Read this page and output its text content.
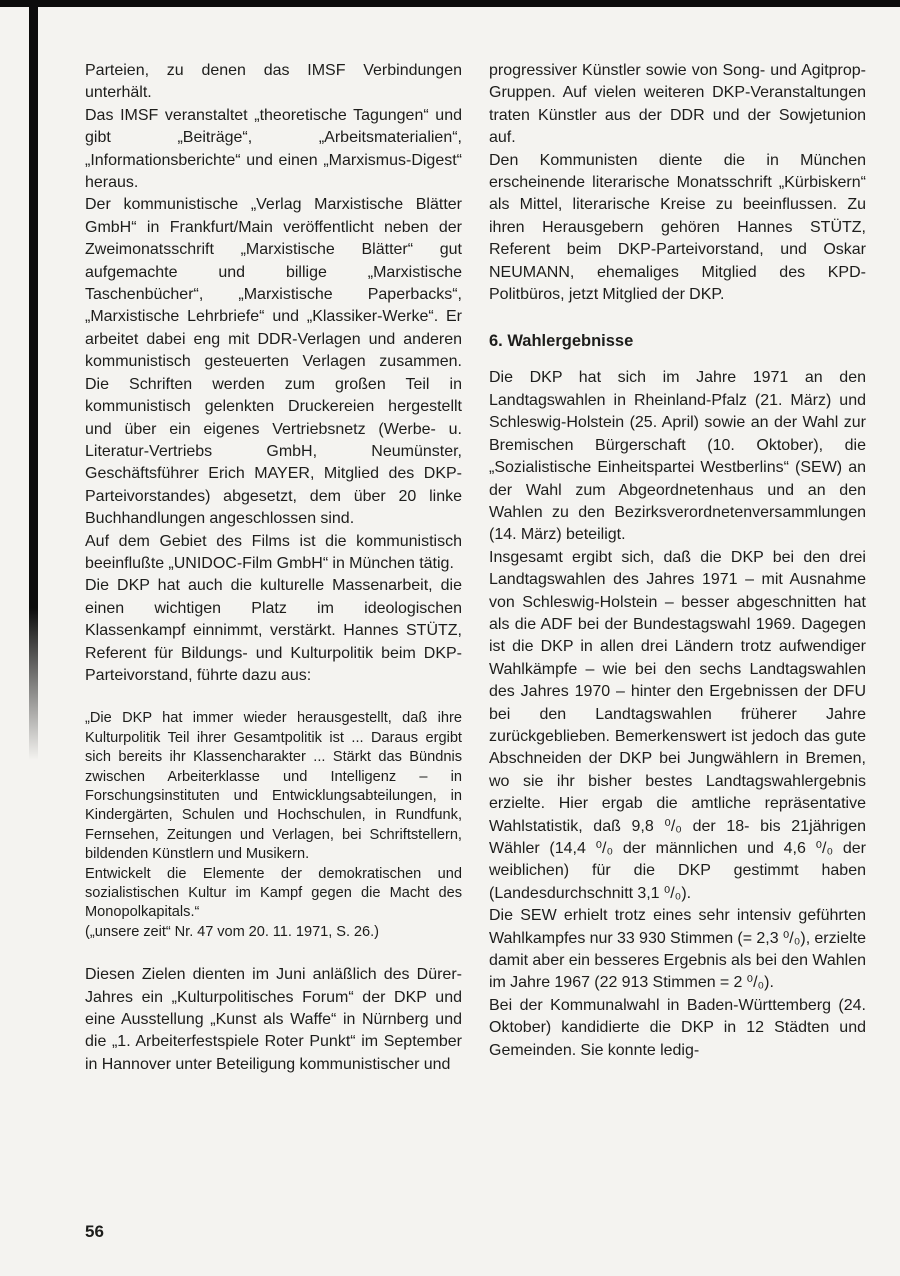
Parteien, zu denen das IMSF Verbindungen unterhält.

Das IMSF veranstaltet „theoretische Tagungen“ und gibt „Beiträge“, „Arbeitsmaterialien“, „Informationsberichte“ und einen „Marxismus-Digest“ heraus.

Der kommunistische „Verlag Marxistische Blätter GmbH“ in Frankfurt/Main veröffentlicht neben der Zweimonatsschrift „Marxistische Blätter“ gut aufgemachte und billige „Marxistische Taschenbücher“, „Marxistische Paperbacks“, „Marxistische Lehrbriefe“ und „Klassiker-Werke“. Er arbeitet dabei eng mit DDR-Verlagen und anderen kommunistisch gesteuerten Verlagen zusammen. Die Schriften werden zum großen Teil in kommunistisch gelenkten Druckereien hergestellt und über ein eigenes Vertriebsnetz (Werbe- u. Literatur-Vertriebs GmbH, Neumünster, Geschäftsführer Erich MAYER, Mitglied des DKP-Parteivorstandes) abgesetzt, dem über 20 linke Buchhandlungen angeschlossen sind.

Auf dem Gebiet des Films ist die kommunistisch beeinflußte „UNIDOC-Film GmbH“ in München tätig.

Die DKP hat auch die kulturelle Massenarbeit, die einen wichtigen Platz im ideologischen Klassenkampf einnimmt, verstärkt. Hannes STÜTZ, Referent für Bildungs- und Kulturpolitik beim DKP-Parteivorstand, führte dazu aus:

„Die DKP hat immer wieder herausgestellt, daß ihre Kulturpolitik Teil ihrer Gesamtpolitik ist ... Daraus ergibt sich bereits ihr Klassencharakter ... Stärkt das Bündnis zwischen Arbeiterklasse und Intelligenz – in Forschungsinstituten und Entwicklungsabteilungen, in Kindergärten, Schulen und Hochschulen, in Rundfunk, Fernsehen, Zeitungen und Verlagen, bei Schriftstellern, bildenden Künstlern und Musikern.

Entwickelt die Elemente der demokratischen und sozialistischen Kultur im Kampf gegen die Macht des Monopolkapitals.“

(„unsere zeit“ Nr. 47 vom 20. 11. 1971, S. 26.)

Diesen Zielen dienten im Juni anläßlich des Dürer-Jahres ein „Kulturpolitisches Forum“ der DKP und eine Ausstellung „Kunst als Waffe“ in Nürnberg und die „1. Arbeiterfestspiele Roter Punkt“ im September in Hannover unter Beteiligung kommunistischer und

progressiver Künstler sowie von Song- und Agitprop-Gruppen. Auf vielen weiteren DKP-Veranstaltungen traten Künstler aus der DDR und der Sowjetunion auf.

Den Kommunisten diente die in München erscheinende literarische Monatsschrift „Kürbiskern“ als Mittel, literarische Kreise zu beeinflussen. Zu ihren Herausgebern gehören Hannes STÜTZ, Referent beim DKP-Parteivorstand, und Oskar NEUMANN, ehemaliges Mitglied des KPD-Politbüros, jetzt Mitglied der DKP.

6. Wahlergebnisse

Die DKP hat sich im Jahre 1971 an den Landtagswahlen in Rheinland-Pfalz (21. März) und Schleswig-Holstein (25. April) sowie an der Wahl zur Bremischen Bürgerschaft (10. Oktober), die „Sozialistische Einheitspartei Westberlins“ (SEW) an der Wahl zum Abgeordnetenhaus und an den Wahlen zu den Bezirksverordnetenversammlungen (14. März) beteiligt.

Insgesamt ergibt sich, daß die DKP bei den drei Landtagswahlen des Jahres 1971 – mit Ausnahme von Schleswig-Holstein – besser abgeschnitten hat als die ADF bei der Bundestagswahl 1969. Dagegen ist die DKP in allen drei Ländern trotz aufwendiger Wahlkämpfe – wie bei den sechs Landtagswahlen des Jahres 1970 – hinter den Ergebnissen der DFU bei den Landtagswahlen früherer Jahre zurückgeblieben. Bemerkenswert ist jedoch das gute Abschneiden der DKP bei Jungwählern in Bremen, wo sie ihr bisher bestes Landtagswahlergebnis erzielte. Hier ergab die amtliche repräsentative Wahlstatistik, daß 9,8 ⁰/₀ der 18- bis 21jährigen Wähler (14,4 ⁰/₀ der männlichen und 4,6 ⁰/₀ der weiblichen) für die DKP gestimmt haben (Landesdurchschnitt 3,1 ⁰/₀).

Die SEW erhielt trotz eines sehr intensiv geführten Wahlkampfes nur 33 930 Stimmen (= 2,3 ⁰/₀), erzielte damit aber ein besseres Ergebnis als bei den Wahlen im Jahre 1967 (22 913 Stimmen = 2 ⁰/₀).

Bei der Kommunalwahl in Baden-Württemberg (24. Oktober) kandidierte die DKP in 12 Städten und Gemeinden. Sie konnte ledig-

56
